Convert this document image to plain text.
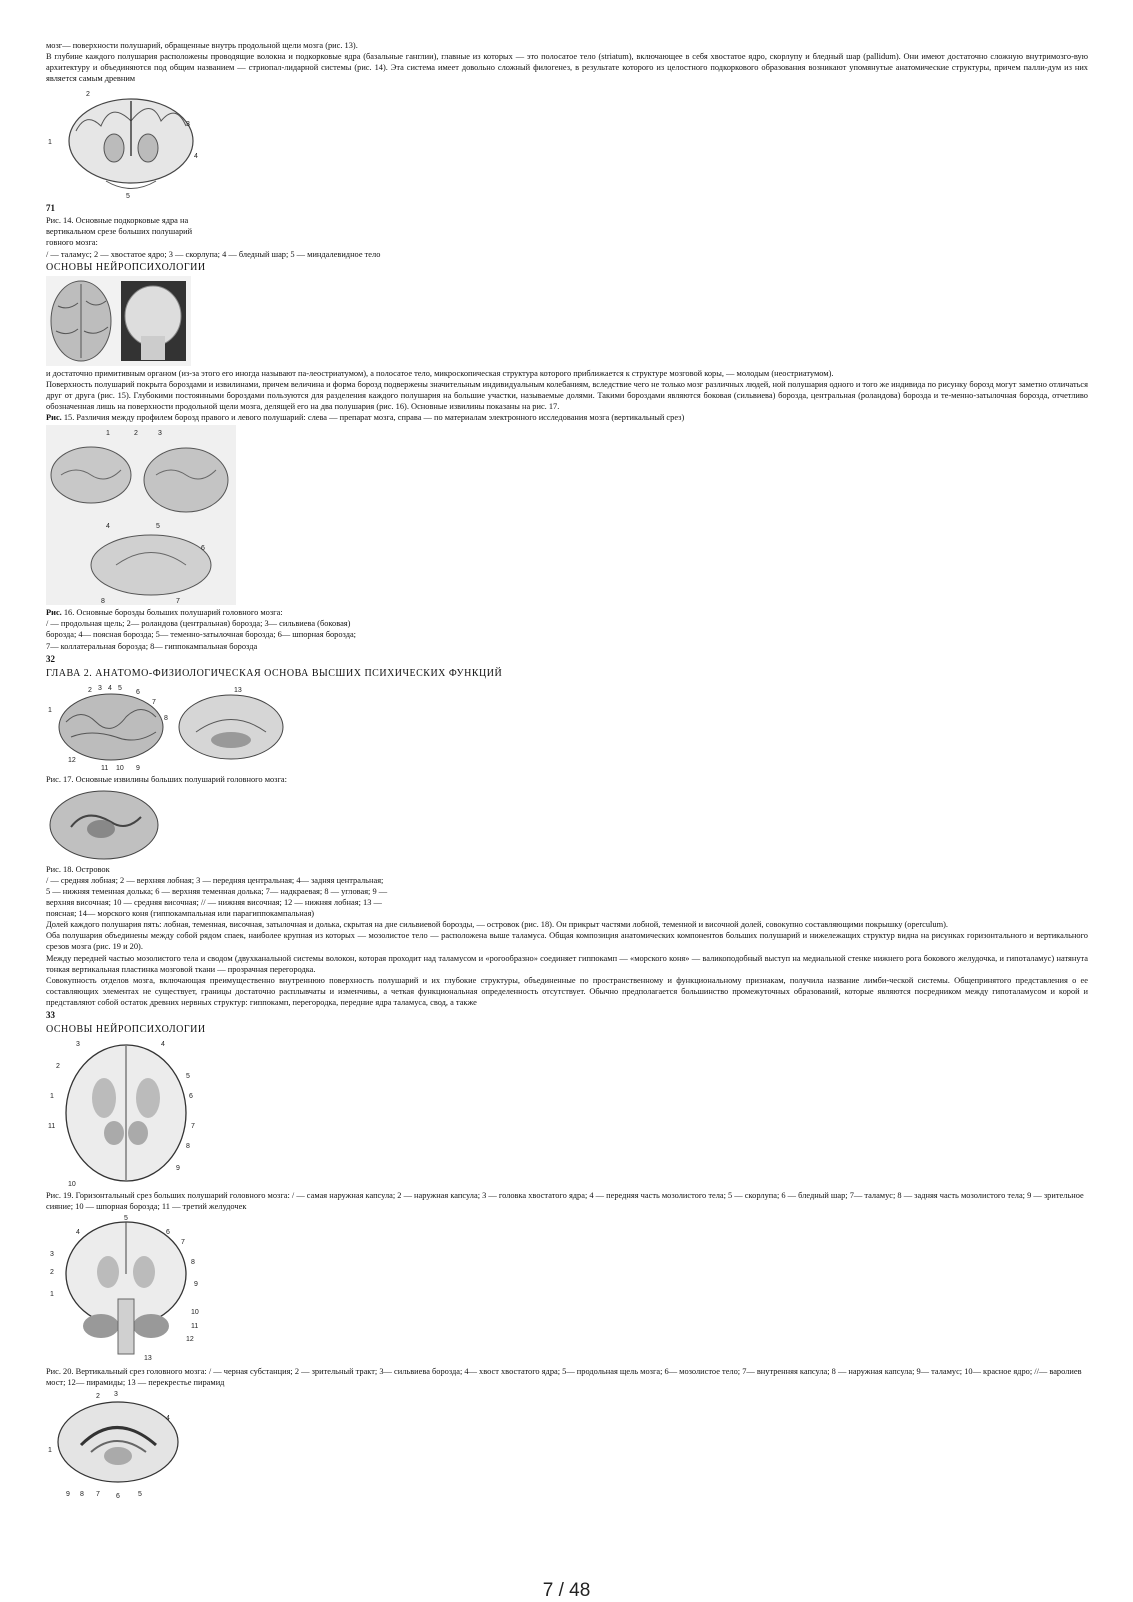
мозг— поверхности полушарий, обращенные внутрь продольной щели мозга (рис. 13).

В глубине каждого полушария расположены проводящие волокна и подкорковые ядра (базальные ганглии), главные из которых — это полосатое тело (striatum), включающее в себя хвостатое ядро, скорлупу и бледный шар (pallidum). Они имеют достаточно сложную внутримозго-вую архитектуру и объединяются под общим названием — стриопал-лидарной системы (рис. 14). Эта система имеет довольно сложный филогенез, в результате которого из целостного подкоркового образования возникают упомянутые анатомические структуры, причем палли-дум из них является самым древним

1
2
3
4
5
71
Рис. 14. Основные подкорковые ядра на
вертикальном срезе больших полушарий
говного мозга:
/ — таламус; 2 — хвостатое ядро; 3 — скорлупа; 4 — бледный шар; 5 — миндалевидное тело
ОСНОВЫ НЕЙРОПСИХОЛОГИИ

и достаточно примитивным органом (из-за этого его иногда называют па-леостриатумом), а полосатое тело, микроскопическая структура которого приближается к структуре мозговой коры, — молодым (неостриатумом).

Поверхность полушарий покрыта бороздами и извилинами, причем величина и форма борозд подвержены значительным индивидуальным колебаниям, вследствие чего не только мозг различных людей, ной полушария одного и того же индивида по рисунку борозд могут заметно отличаться друг от друга (рис. 15). Глубокими постоянными бороздами пользуются для разделения каждого полушария на большие участки, называемые долями. Такими бороздами являются боковая (сильвиева) борозда, центральная (роландова) борозда и те-менно-затылочная борозда, отчетливо обозначенная лишь на поверхности продольной щели мозга, делящей его на два полушария (рис. 16). Основные извилины показаны на рис. 17.

Рис. 15. Различия между профилем борозд правого и левого полушарий: слева — препарат мозга, справа — по материалам электронного исследования мозга (вертикальный срез)

1	2	3
4	5
6
7
8
Рис. 16. Основные борозды больших полушарий головного мозга:
/ — продольная щель; 2— роландова (центральная) борозда; 3— сильвиева (боковая)
борозда; 4— поясная борозда; 5— теменно-затылочная борозда; 6— шпорная борозда;
7— коллатеральная борозда; 8— гиппокампальная борозда
32
ГЛАВА 2. АНАТОМО-ФИЗИОЛОГИЧЕСКАЯ ОСНОВА ВЫСШИХ ПСИХИЧЕСКИХ ФУНКЦИЙ
1
2 3 4 5
6
7
8
9
10
11
12
13
Рис. 17. Основные извилины больших полушарий головного мозга:
Рис. 18. Островок
/ — средняя лобная; 2 — верхняя лобная; 3 — передняя центральная; 4— задняя центральная;
5 — нижняя теменная долька; 6 — верхняя теменная долька; 7— надкраевая; 8 — угловая; 9 —
верхняя височная; 10 — средняя височная; // — нижняя височная; 12 — нижняя лобная; 13 —
поясная; 14— морского коня (гиппокампальная или парагиппокампальная)

Долей каждого полушария пять: лобная, теменная, височная, затылочная и долька, скрытая на дне сильвиевой борозды, — островок (рис. 18). Он прикрыт частями лобной, теменной и височной долей, совокупно составляющими покрышку (operculum).

Оба полушария объединены между собой рядом спаек, наиболее крупная из которых — мозолистое тело — расположена выше таламуса. Общая композиция анатомических компонентов больших полушарий и нижележащих структур видна на рисунках горизонтального и вертикального срезов мозга (рис. 19 и 20).

Между передней частью мозолистого тела и сводом (двухканальной системы волокон, которая проходит над таламусом и «рогообразно» соединяет гиппокамп — «морского коня» — валикоподобный выступ на медиальной стенке нижнего рога бокового желудочка, и гипоталамус) натянута тонкая вертикальная пластинка мозговой ткани — прозрачная перегородка.

Совокупность отделов мозга, включающая преимущественно внутреннюю поверхность полушарий и их глубокие структуры, объединенные по пространственному и функциональному признакам, получила название лимби-ческой системы. Общепринятого представления о ее составляющих элементах не существует, границы достаточно расплывчаты и изменчивы, а четкая функциональная определенность отсутствует. Обычно предполагается большинство промежуточных образований, которые являются посредником между гипоталамусом и корой и представляют собой остаток древних нервных структур: гиппокамп, перегородка, передние ядра таламуса, свод, а также

33
ОСНОВЫ НЕЙРОПСИХОЛОГИИ
1
2
3	4
5
6
7
8
9
10
11
Рис. 19. Горизонтальный срез больших полушарий головного мозга: / — самая наружная капсула; 2 — наружная капсула; 3 — головка хвостатого ядра; 4 — передняя часть мозолистого тела; 5 — скорлупа; 6 — бледный шар; 7— таламус; 8 — задняя часть мозолистого тела; 9 — зрительное сияние; 10 — шпорная борозда; 11 — третий желудочек
1
2
3
4
5
6
7
8
9
10
11
12
13
Рис. 20. Вертикальный срез головного мозга: / — черная субстанция; 2 — зрительный тракт; 3— сильвиева борозда; 4— хвост хвостатого ядра; 5— продольная щель мозга; 6— мозолистое тело; 7— внутренняя капсула; 8 — наружная капсула; 9— таламус; 10— красное ядро; //— варолиев мост; 12— пирамиды; 13 — перекрестье пирамид
1
2 3
4
5
6
7
8
9
7 / 48
